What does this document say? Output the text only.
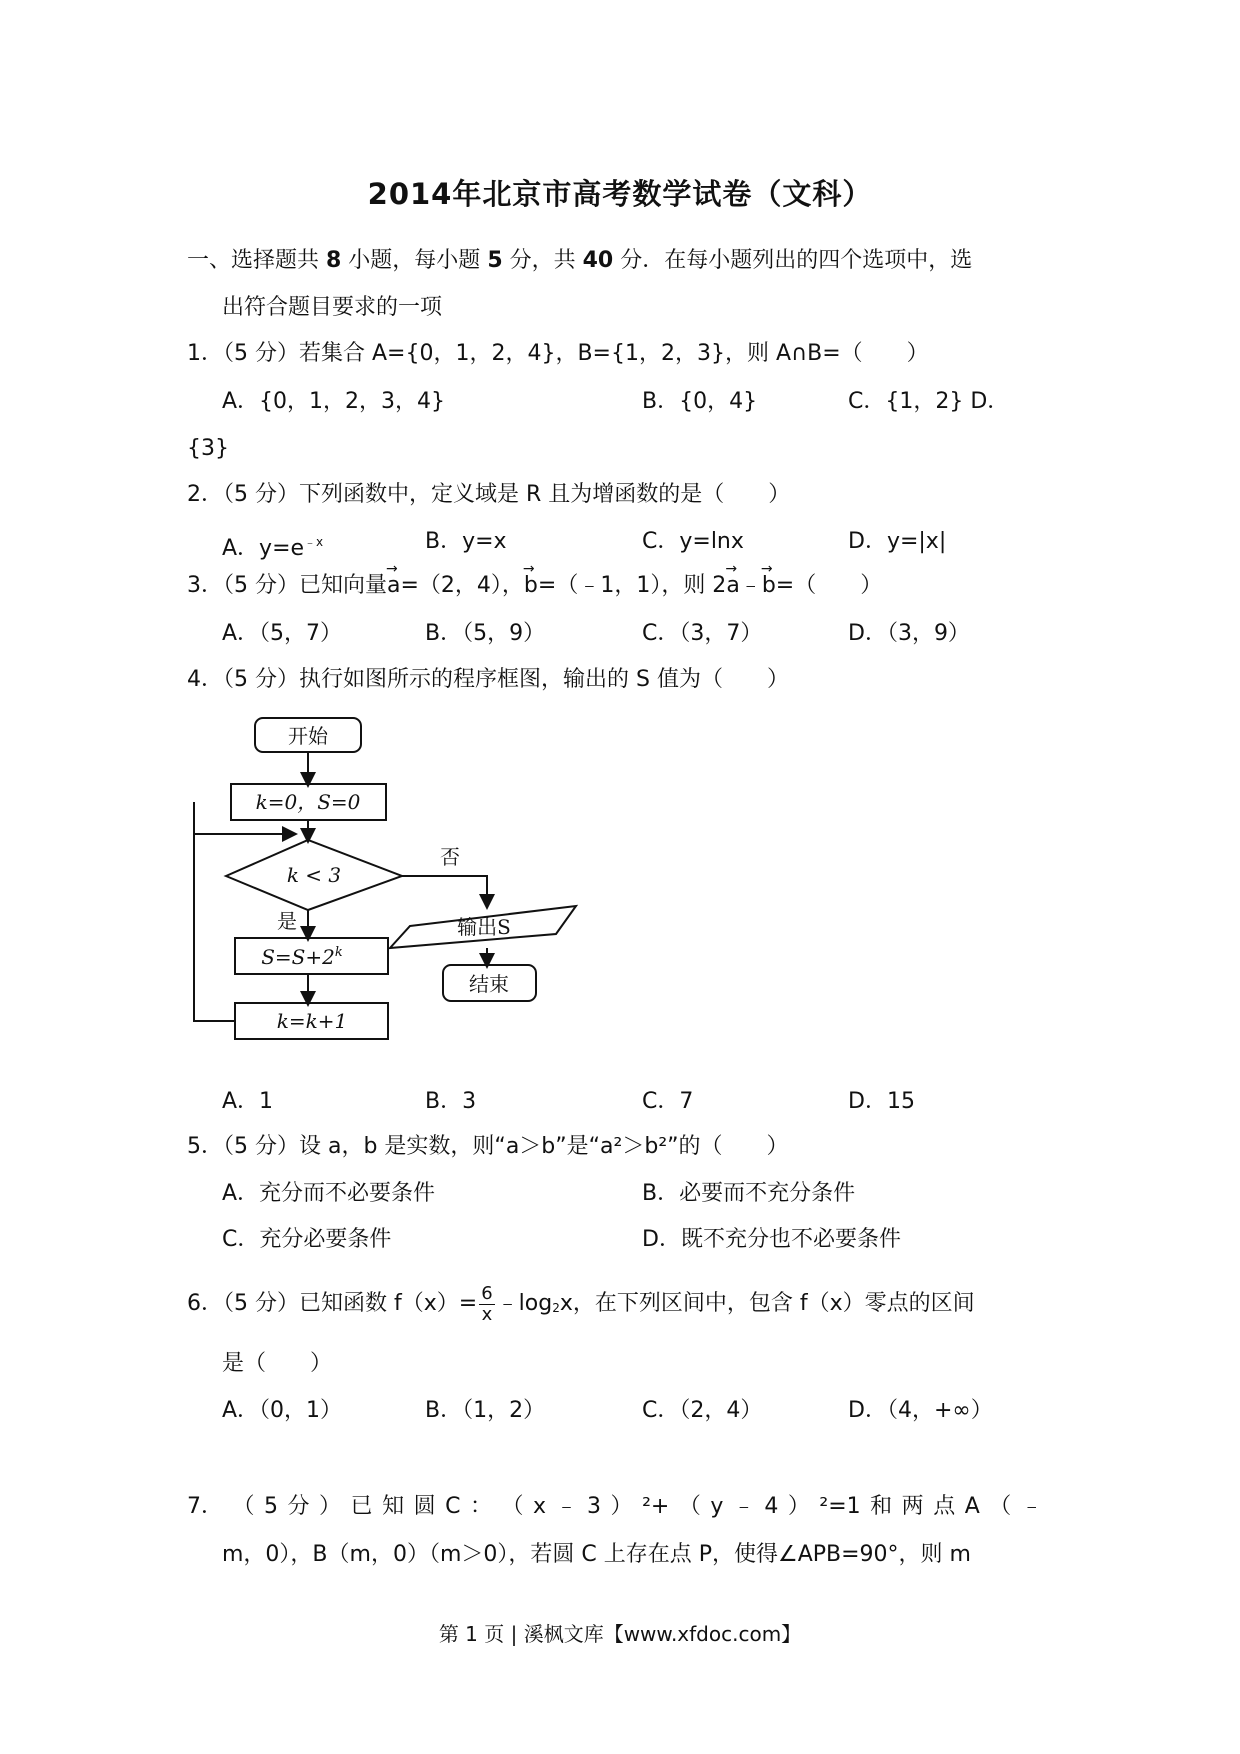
2014年北京市高考数学试卷（文科）
一、选择题共 8 小题，每小题 5 分，共 40 分．在每小题列出的四个选项中，选
出符合题目要求的一项
1．（5 分）若集合 A={0，1，2，4}，B={1，2，3}，则 A∩B=（　　）
A．{0，1，2，3，4}	B．{0，4}	C．{1，2} D．
{3}
2．（5 分）下列函数中，定义域是 R 且为增函数的是（　　）
A．$y=e^{﹣x}$	B．y=x	C．y=lnx	D．y=|x|
3．（5 分）已知向量→ a=（2，4），→ b=（﹣1，1），则 2→ a﹣→ b=（　　）
A．（5，7）	B．（5，9）	C．（3，7）	D．（3，9）
4．（5 分）执行如图所示的程序框图，输出的 S 值为（　　）
开始
k=0，S=0
k < 3
否
是
$S=S+2^k$
k=k+1
输出S
结束
A．1	B．3	C．7	D．15
5．（5 分）设 a，b 是实数，则“a＞b”是“a²＞b²”的（　　）
A．充分而不必要条件	B．必要而不充分条件
C．充分必要条件	D．既不充分也不必要条件
6．（5 分）已知函数 $f(x)= \frac{6}{x}$ $﹣\log_2x$，在下列区间中，包含 f（x）零点的区间
是（　　）
A．（0，1）	B．（1，2）	C．（2，4）	D．（4，+∞）
7． （ 5 分 ） 已 知 圆 C ： （ x ﹣ 3 ） ²+ （ y ﹣ 4 ） ²=1 和 两 点 A （ ﹣
m，0），B（m，0）（m＞0），若圆 C 上存在点 P，使得∠APB=90°，则 m
第 1 页 | 溪枫文库【www.xfdoc.com】
